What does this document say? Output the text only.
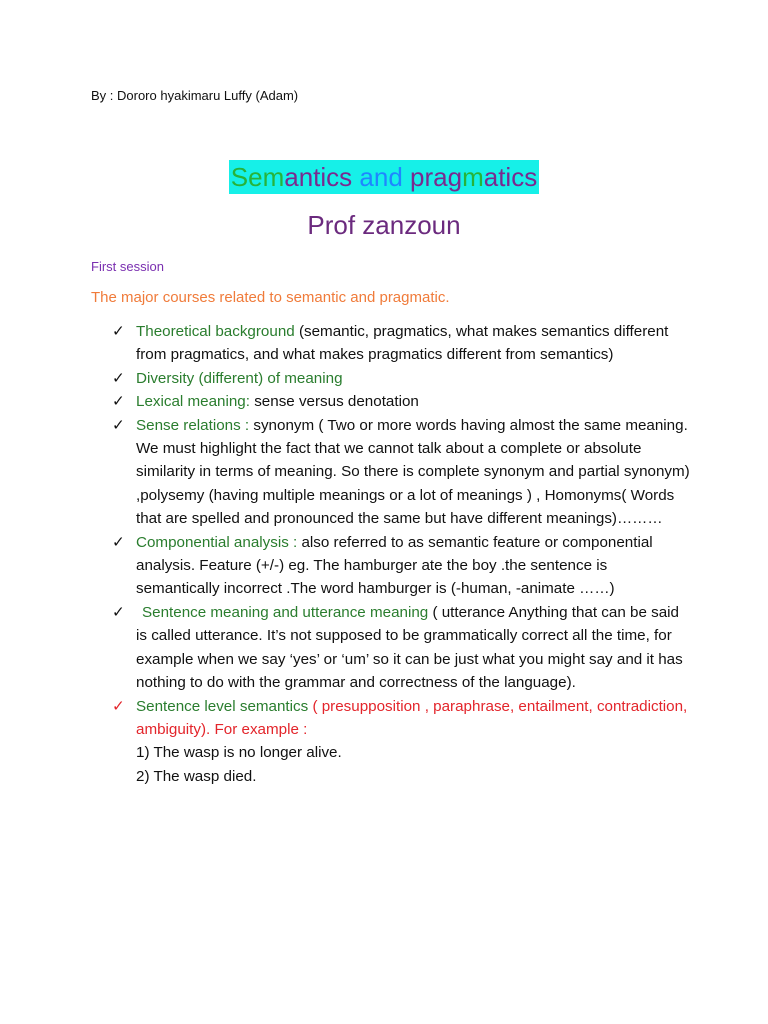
By : Dororo hyakimaru Luffy (Adam)
Semantics and pragmatics
Prof zanzoun
First session
The major courses related to semantic and pragmatic.
✓ Theoretical background (semantic, pragmatics, what makes semantics different from pragmatics, and what makes pragmatics different from semantics)
✓ Diversity (different) of meaning
✓ Lexical meaning: sense versus denotation
✓ Sense relations : synonym ( Two or more words having almost the same meaning. We must highlight the fact that we cannot talk about a complete or absolute similarity in terms of meaning. So there is complete synonym and partial synonym) ,polysemy (having multiple meanings or a lot of meanings ) , Homonyms( Words that are spelled and pronounced the same but have different meanings)………
✓ Componential analysis : also referred to as semantic feature or componential analysis. Feature (+/-) eg. The hamburger ate the boy .the sentence is semantically incorrect .The word hamburger is (-human, -animate ……)
✓ Sentence meaning and utterance meaning ( utterance Anything that can be said is called utterance. It’s not supposed to be grammatically correct all the time, for example when we say ‘yes’ or ‘um’ so it can be just what you might say and it has nothing to do with the grammar and correctness of the language).
✓ Sentence level semantics ( presupposition , paraphrase, entailment, contradiction, ambiguity). For example :
1) The wasp is no longer alive.
2) The wasp died.
